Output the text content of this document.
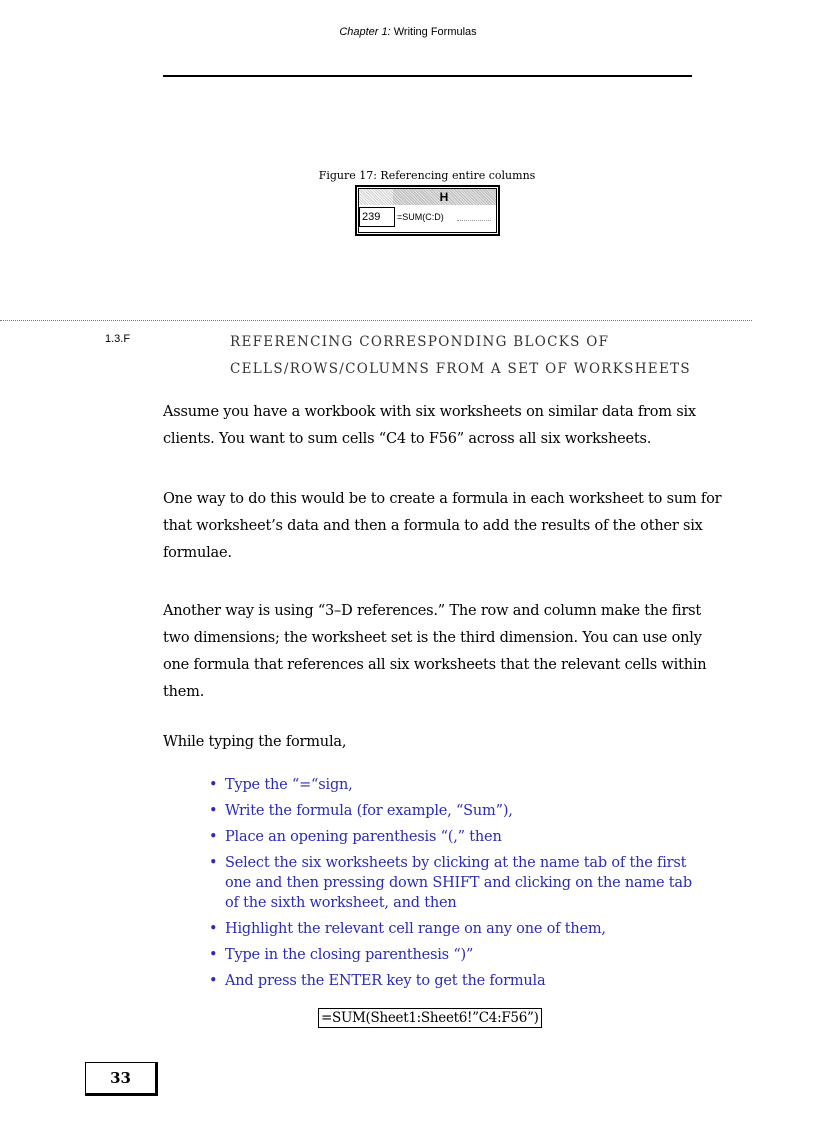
Chapter 1: Writing Formulas
Figure 17: Referencing entire columns
H
239	=SUM(C:D)
1.3.F	REFERENCING CORRESPONDING BLOCKS OF CELLS/ROWS/COLUMNS FROM A SET OF WORKSHEETS
Assume you have a workbook with six worksheets on similar data from six clients. You want to sum cells “C4 to F56” across all six worksheets.
One way to do this would be to create a formula in each worksheet to sum for that worksheet’s data and then a formula to add the results of the other six formulae.
Another way is using “3–D references.” The row and column make the first two dimensions; the worksheet set is the third dimension. You can use only one formula that references all six worksheets that the relevant cells within them.
While typing the formula,
• Type the “=“sign,
• Write the formula (for example, “Sum”),
• Place an opening parenthesis “(,” then
• Select the six worksheets by clicking at the name tab of the first one and then pressing down SHIFT and clicking on the name tab of the sixth worksheet, and then
• Highlight the relevant cell range on any one of them,
• Type in the closing parenthesis “)”
• And press the ENTER key to get the formula
=SUM(Sheet1:Sheet6!”C4:F56”)
33
